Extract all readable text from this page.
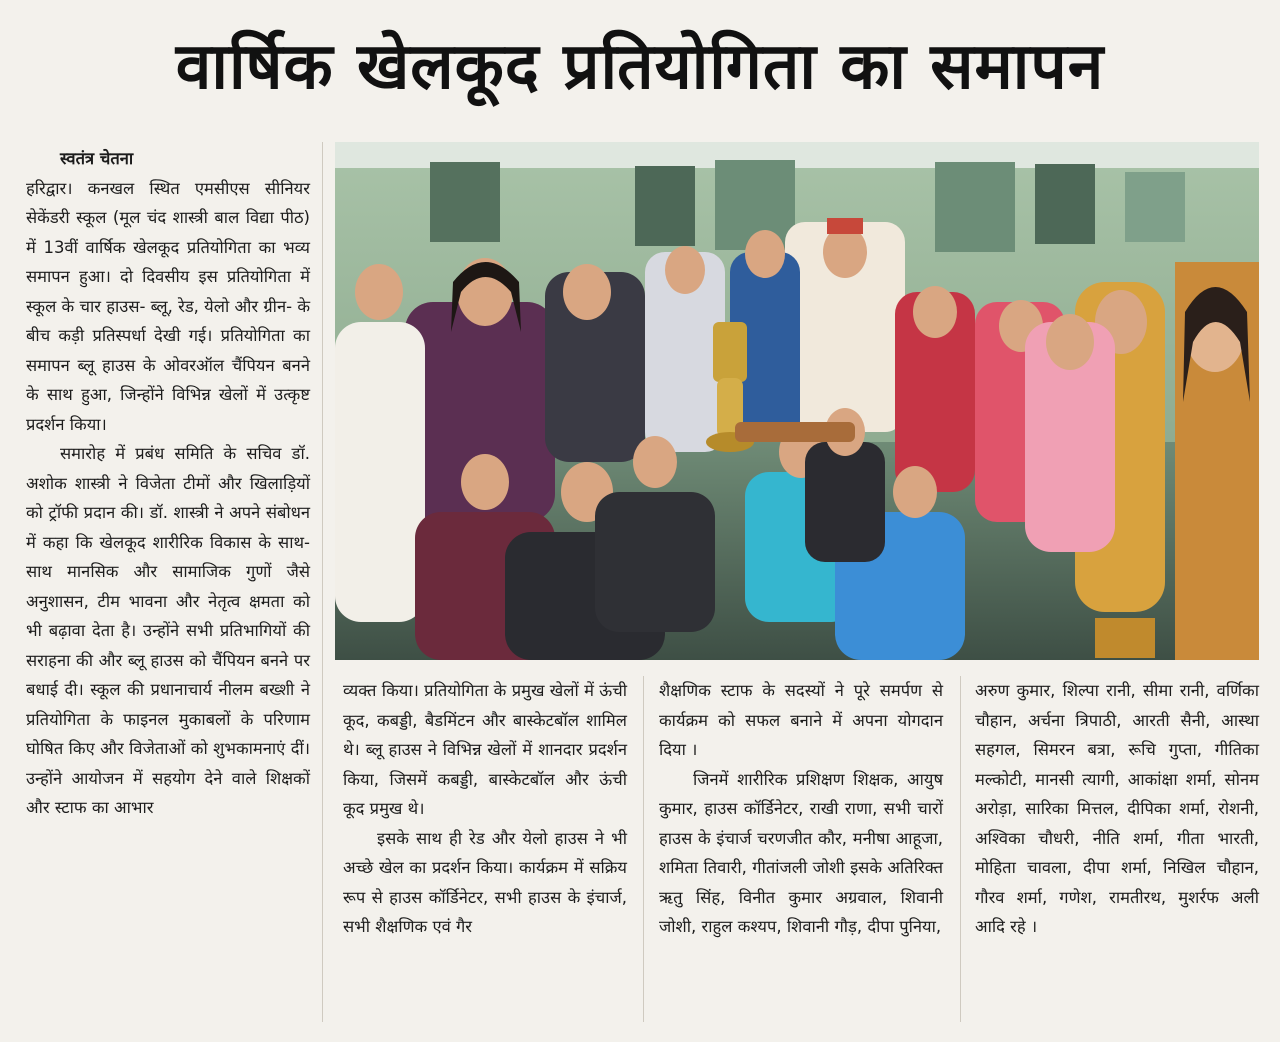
वार्षिक खेलकूद प्रतियोगिता का समापन

स्वतंत्र चेतना

हरिद्वार। कनखल स्थित एमसीएस सीनियर सेकेंडरी स्कूल (मूल चंद शास्त्री बाल विद्या पीठ) में 13वीं वार्षिक खेलकूद प्रतियोगिता का भव्य समापन हुआ। दो दिवसीय इस प्रतियोगिता में स्कूल के चार हाउस- ब्लू, रेड, येलो और ग्रीन- के बीच कड़ी प्रतिस्पर्धा देखी गई। प्रतियोगिता का समापन ब्लू हाउस के ओवरऑल चैंपियन बनने के साथ हुआ, जिन्होंने विभिन्न खेलों में उत्कृष्ट प्रदर्शन किया।

समारोह में प्रबंध समिति के सचिव डॉ. अशोक शास्त्री ने विजेता टीमों और खिलाड़ियों को ट्रॉफी प्रदान की। डॉ. शास्त्री ने अपने संबोधन में कहा कि खेलकूद शारीरिक विकास के साथ-साथ मानसिक और सामाजिक गुणों जैसे अनुशासन, टीम भावना और नेतृत्व क्षमता को भी बढ़ावा देता है। उन्होंने सभी प्रतिभागियों की सराहना की और ब्लू हाउस को चैंपियन बनने पर बधाई दी। स्कूल की प्रधानाचार्य नीलम बख्शी ने प्रतियोगिता के फाइनल मुकाबलों के परिणाम घोषित किए और विजेताओं को शुभकामनाएं दीं। उन्होंने आयोजन में सहयोग देने वाले शिक्षकों और स्टाफ का आभार

व्यक्त किया। प्रतियोगिता के प्रमुख खेलों में ऊंची कूद, कबड्डी, बैडमिंटन और बास्केटबॉल शामिल थे। ब्लू हाउस ने विभिन्न खेलों में शानदार प्रदर्शन किया, जिसमें कबड्डी, बास्केटबॉल और ऊंची कूद प्रमुख थे।

इसके साथ ही रेड और येलो हाउस ने भी अच्छे खेल का प्रदर्शन किया। कार्यक्रम में सक्रिय रूप से हाउस कॉर्डिनेटर, सभी हाउस के इंचार्ज, सभी शैक्षणिक एवं गैर

शैक्षणिक स्टाफ के सदस्यों ने पूरे समर्पण से कार्यक्रम को सफल बनाने में अपना योगदान दिया ।

जिनमें शारीरिक प्रशिक्षण शिक्षक, आयुष कुमार, हाउस कॉर्डिनेटर, राखी राणा, सभी चारों हाउस के इंचार्ज चरणजीत कौर, मनीषा आहूजा, शमिता तिवारी, गीतांजली जोशी इसके अतिरिक्त ऋतु सिंह, विनीत कुमार अग्रवाल, शिवानी जोशी, राहुल कश्यप, शिवानी गौड़, दीपा पुनिया,

अरुण कुमार, शिल्पा रानी, सीमा रानी, वर्णिका चौहान, अर्चना त्रिपाठी, आरती सैनी, आस्था सहगल, सिमरन बत्रा, रूचि गुप्ता, गीतिका मल्कोटी, मानसी त्यागी, आकांक्षा शर्मा, सोनम अरोड़ा, सारिका मित्तल, दीपिका शर्मा, रोशनी, अश्विका चौधरी, नीति शर्मा, गीता भारती, मोहिता चावला, दीपा शर्मा, निखिल चौहान, गौरव शर्मा, गणेश, रामतीरथ, मुशर्रफ अली आदि रहे ।
